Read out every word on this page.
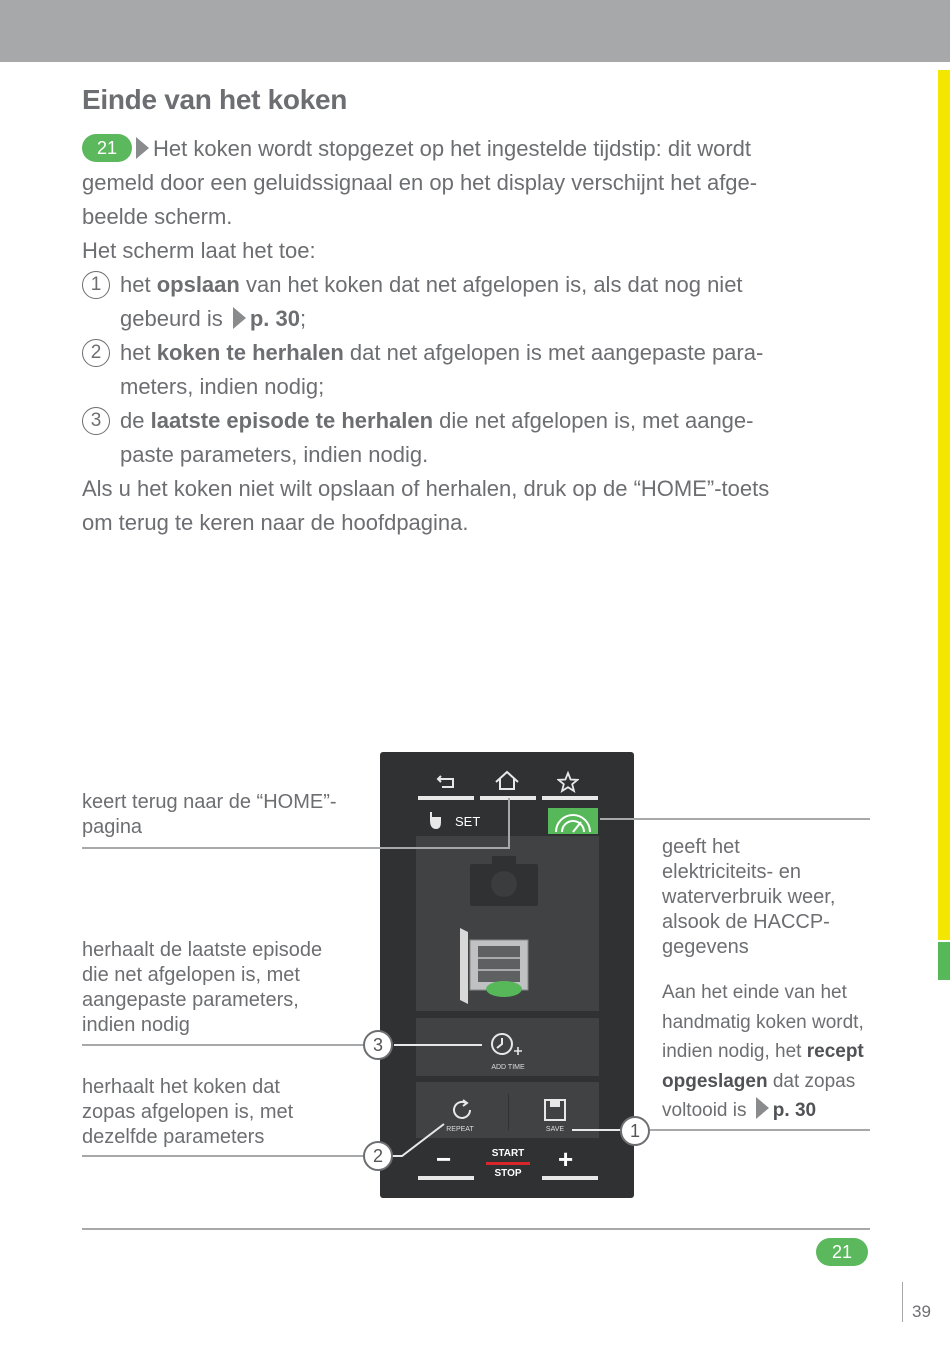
Einde van het koken
21 Het koken wordt stopgezet op het ingestelde tijdstip: dit wordt
gemeld door een geluidssignaal en op het display verschijnt het afge-
beelde scherm.
Het scherm laat het toe:
1 het opslaan van het koken dat net afgelopen is, als dat nog niet
gebeurd is p. 30;
2 het koken te herhalen dat net afgelopen is met aangepaste para-
meters, indien nodig;
3 de laatste episode te herhalen die net afgelopen is, met aange-
paste parameters, indien nodig.
Als u het koken niet wilt opslaan of herhalen, druk op de “HOME”-toets
om terug te keren naar de hoofdpagina.
keert terug naar de “HOME”-
pagina
herhaalt de laatste episode
die net afgelopen is, met
aangepaste parameters,
indien nodig
herhaalt het koken dat
zopas afgelopen is, met
dezelfde parameters
geeft het
elektriciteits- en
waterverbruik weer,
alsook de HACCP-
gegevens
Aan het einde van het
handmatig koken wordt,
indien nodig, het recept
opgeslagen dat zopas
voltooid is p. 30
SET
ADD TIME
REPEAT	SAVE
−	START
STOP	+
3
2
1
21
39
